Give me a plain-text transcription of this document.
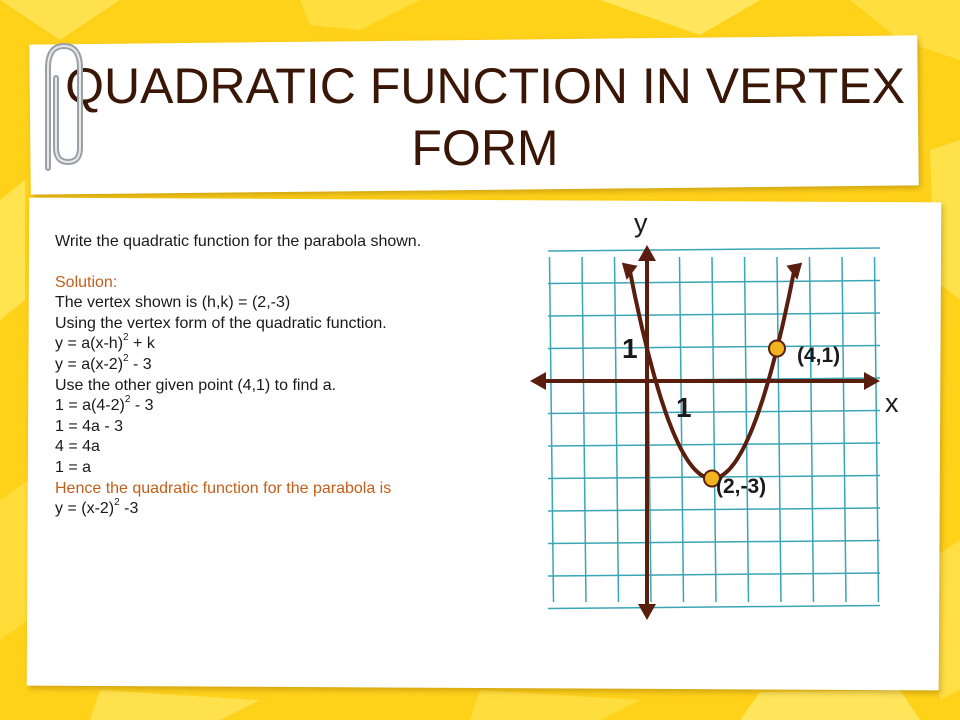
QUADRATIC FUNCTION IN VERTEX FORM

Write the quadratic function for the parabola shown.

Solution:

The vertex shown is (h,k) = (2,-3)

Using the vertex form of the quadratic function.

$y = a(x-h)^2 + k$

$y = a(x-2)^2 - 3$

Use the other given point (4,1) to find a.

$1 = a(4-2)^2 - 3$

1 = 4a - 3

4 = 4a

1 = a

Hence the quadratic function for the parabola is

$y = (x-2)^2$ -3

y
x
1
1
(4,1)
(2,-3)
